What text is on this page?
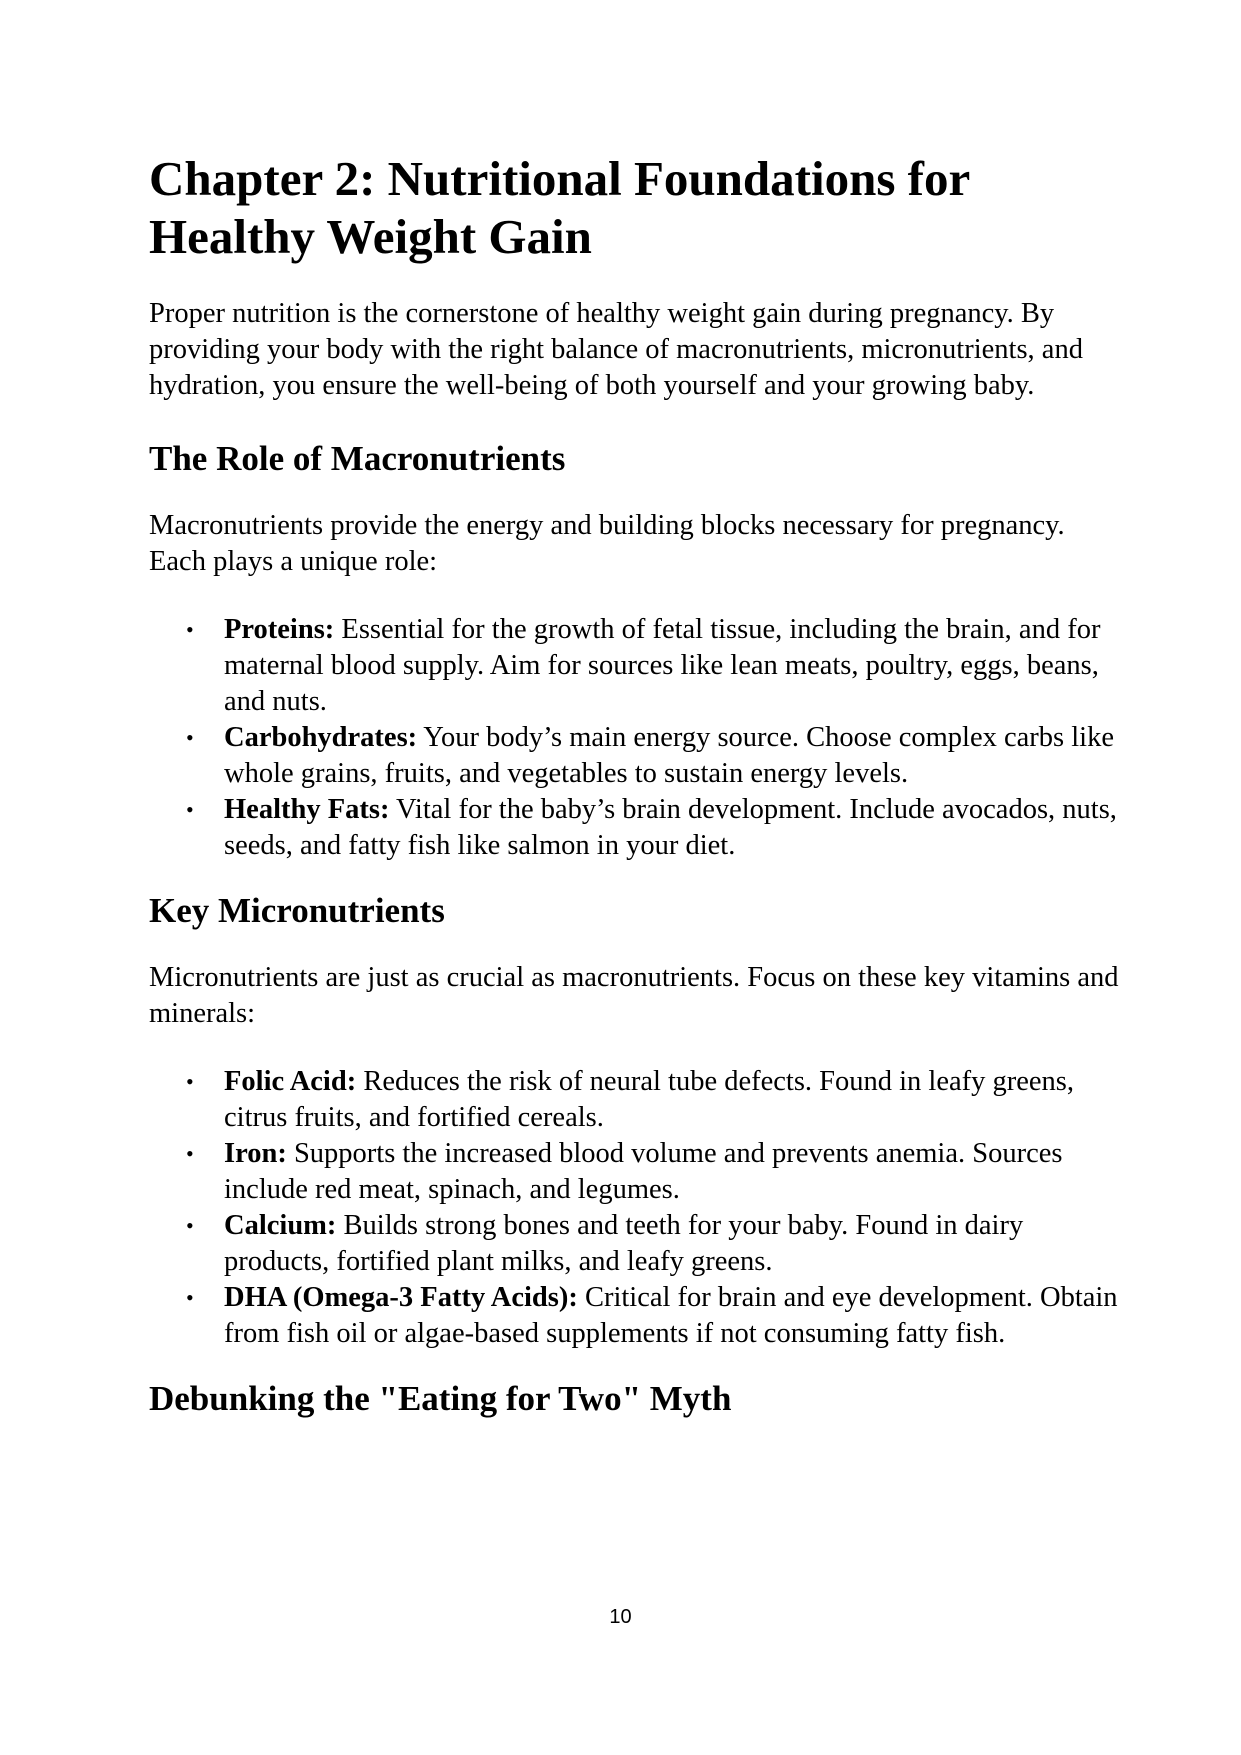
Chapter 2: Nutritional Foundations for Healthy Weight Gain

Proper nutrition is the cornerstone of healthy weight gain during pregnancy. By providing your body with the right balance of macronutrients, micronutrients, and hydration, you ensure the well-being of both yourself and your growing baby.

The Role of Macronutrients

Macronutrients provide the energy and building blocks necessary for pregnancy. Each plays a unique role:

• Proteins: Essential for the growth of fetal tissue, including the brain, and for maternal blood supply. Aim for sources like lean meats, poultry, eggs, beans, and nuts.
• Carbohydrates: Your body’s main energy source. Choose complex carbs like whole grains, fruits, and vegetables to sustain energy levels.
• Healthy Fats: Vital for the baby’s brain development. Include avocados, nuts, seeds, and fatty fish like salmon in your diet.
Key Micronutrients

Micronutrients are just as crucial as macronutrients. Focus on these key vitamins and minerals:

• Folic Acid: Reduces the risk of neural tube defects. Found in leafy greens, citrus fruits, and fortified cereals.
• Iron: Supports the increased blood volume and prevents anemia. Sources include red meat, spinach, and legumes.
• Calcium: Builds strong bones and teeth for your baby. Found in dairy products, fortified plant milks, and leafy greens.
• DHA (Omega-3 Fatty Acids): Critical for brain and eye development. Obtain from fish oil or algae-based supplements if not consuming fatty fish.
Debunking the "Eating for Two" Myth
10
